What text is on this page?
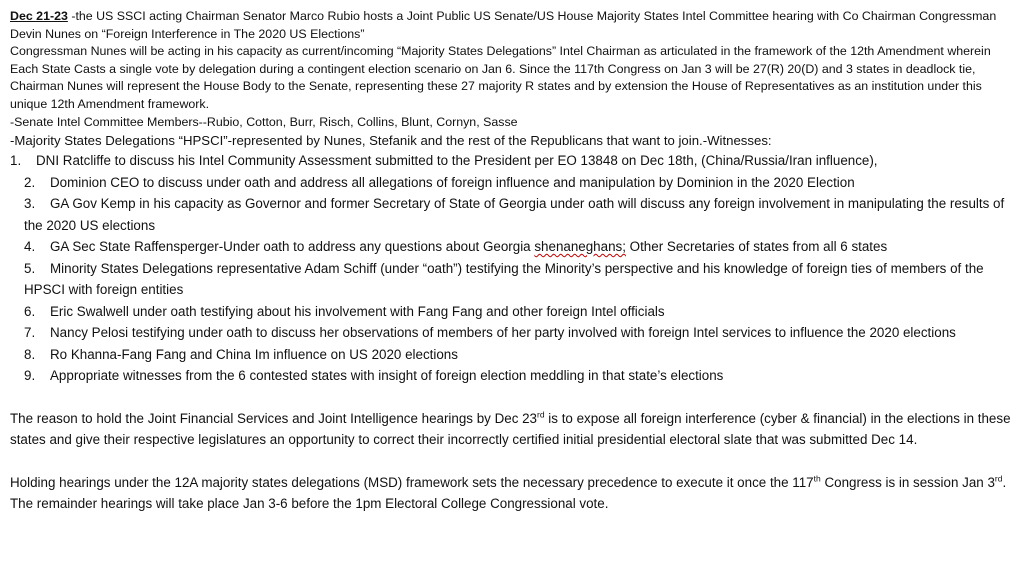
Dec 21-23 -the US SSCI acting Chairman Senator Marco Rubio hosts a Joint Public US Senate/US House Majority States Intel Committee hearing with Co Chairman Congressman Devin Nunes on “Foreign Interference in The 2020 US Elections”
Congressman Nunes will be acting in his capacity as current/incoming “Majority States Delegations” Intel Chairman as articulated in the framework of the 12th Amendment wherein Each State Casts a single vote by delegation during a contingent election scenario on Jan 6. Since the 117th Congress on Jan 3 will be 27(R) 20(D) and 3 states in deadlock tie, Chairman Nunes will represent the House Body to the Senate, representing these 27 majority R states and by extension the House of Representatives as an institution under this unique 12th Amendment framework.
-Senate Intel Committee Members--Rubio, Cotton, Burr, Risch, Collins, Blunt, Cornyn, Sasse
-Majority States Delegations “HPSCI”-represented by Nunes, Stefanik and the rest of the Republicans that want to join.-Witnesses:
1. DNI Ratcliffe to discuss his Intel Community Assessment submitted to the President per EO 13848 on Dec 18th, (China/Russia/Iran influence),
2. Dominion CEO to discuss under oath and address all allegations of foreign influence and manipulation by Dominion in the 2020 Election
3. GA Gov Kemp in his capacity as Governor and former Secretary of State of Georgia under oath will discuss any foreign involvement in manipulating the results of the 2020 US elections
4. GA Sec State Raffensperger-Under oath to address any questions about Georgia shenaneghans; Other Secretaries of states from all 6 states
5. Minority States Delegations representative Adam Schiff (under “oath”) testifying the Minority’s perspective and his knowledge of foreign ties of members of the HPSCI with foreign entities
6. Eric Swalwell under oath testifying about his involvement with Fang Fang and other foreign Intel officials
7. Nancy Pelosi testifying under oath to discuss her observations of members of her party involved with foreign Intel services to influence the 2020 elections
8. Ro Khanna-Fang Fang and China Im influence on US 2020 elections
9. Appropriate witnesses from the 6 contested states with insight of foreign election meddling in that state’s elections
The reason to hold the Joint Financial Services and Joint Intelligence hearings by Dec 23rd is to expose all foreign interference (cyber & financial) in the elections in these states and give their respective legislatures an opportunity to correct their incorrectly certified initial presidential electoral slate that was submitted Dec 14.
Holding hearings under the 12A majority states delegations (MSD) framework sets the necessary precedence to execute it once the 117th Congress is in session Jan 3rd. The remainder hearings will take place Jan 3-6 before the 1pm Electoral College Congressional vote.
